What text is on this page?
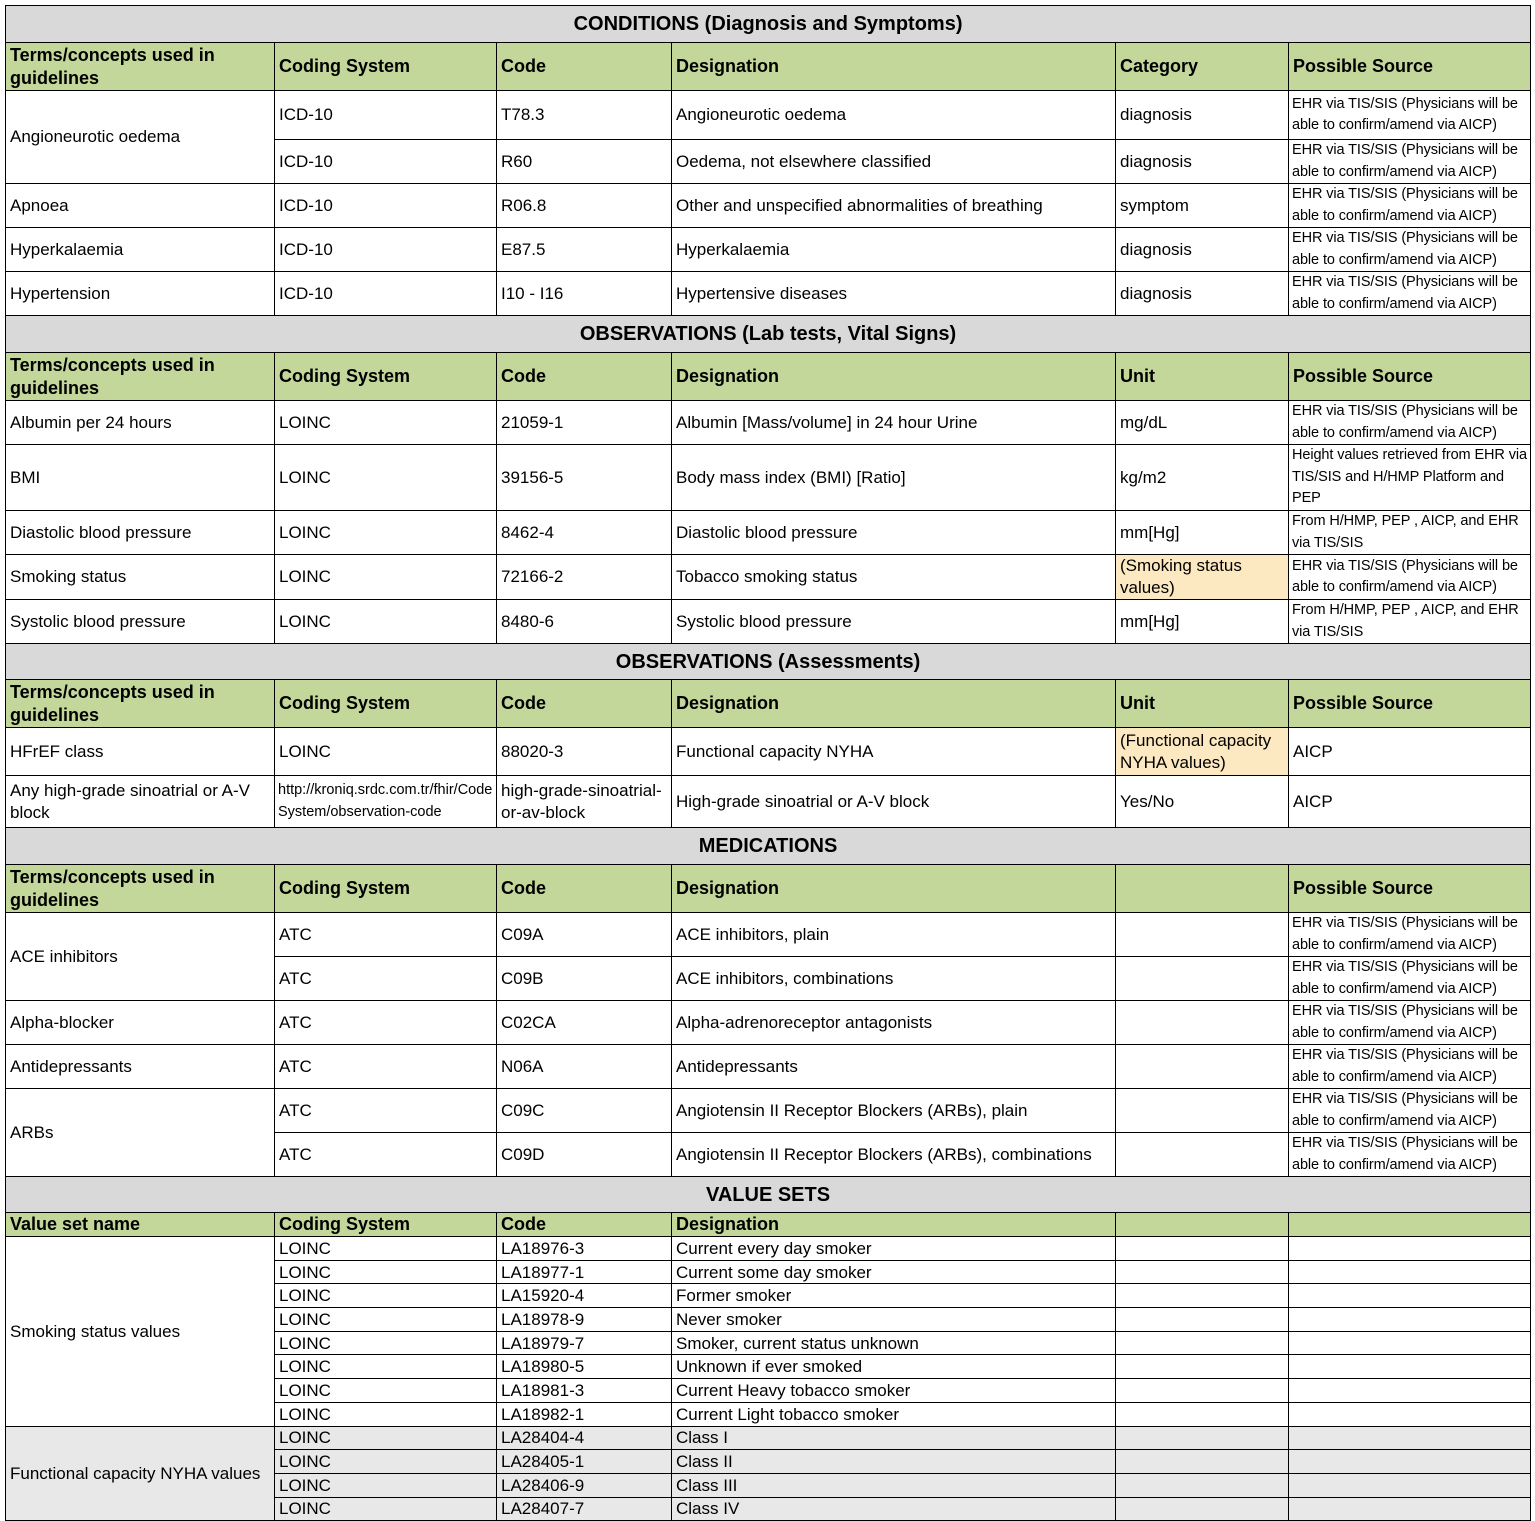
CONDITIONS (Diagnosis and Symptoms)					
Terms/concepts used in guidelines	Coding System	Code	Designation	Category	Possible Source
Angioneurotic oedema	ICD-10	T78.3	Angioneurotic oedema	diagnosis	EHR via TIS/SIS (Physicians will be able to confirm/amend via AICP)
	ICD-10	R60	Oedema, not elsewhere classified	diagnosis	EHR via TIS/SIS (Physicians will be able to confirm/amend via AICP)
Apnoea	ICD-10	R06.8	Other and unspecified abnormalities of breathing	symptom	EHR via TIS/SIS (Physicians will be able to confirm/amend via AICP)
Hyperkalaemia	ICD-10	E87.5	Hyperkalaemia	diagnosis	EHR via TIS/SIS (Physicians will be able to confirm/amend via AICP)
Hypertension	ICD-10	I10 - I16	Hypertensive diseases	diagnosis	EHR via TIS/SIS (Physicians will be able to confirm/amend via AICP)
OBSERVATIONS (Lab tests, Vital Signs)					
Terms/concepts used in guidelines	Coding System	Code	Designation	Unit	Possible Source
Albumin per 24 hours	LOINC	21059-1	Albumin [Mass/volume] in 24 hour Urine	mg/dL	EHR via TIS/SIS (Physicians will be able to confirm/amend via AICP)
BMI	LOINC	39156-5	Body mass index (BMI) [Ratio]	kg/m2	Height values retrieved from EHR via TIS/SIS and H/HMP Platform and PEP
Diastolic blood pressure	LOINC	8462-4	Diastolic blood pressure	mm[Hg]	From H/HMP, PEP , AICP, and EHR via TIS/SIS
Smoking status	LOINC	72166-2	Tobacco smoking status	(Smoking status values)	EHR via TIS/SIS (Physicians will be able to confirm/amend via AICP)
Systolic blood pressure	LOINC	8480-6	Systolic blood pressure	mm[Hg]	From H/HMP, PEP , AICP, and EHR via TIS/SIS
OBSERVATIONS (Assessments)					
Terms/concepts used in guidelines	Coding System	Code	Designation	Unit	Possible Source
HFrEF class	LOINC	88020-3	Functional capacity NYHA	(Functional capacity NYHA values)	AICP
Any high-grade sinoatrial or A-V block	http://kroniq.srdc.com.tr/fhir/CodeSystem/observation-code	high-grade-sinoatrial-or-av-block	High-grade sinoatrial or A-V block	Yes/No	AICP
MEDICATIONS					
Terms/concepts used in guidelines	Coding System	Code	Designation		Possible Source
ACE inhibitors	ATC	C09A	ACE inhibitors, plain		EHR via TIS/SIS (Physicians will be able to confirm/amend via AICP)
	ATC	C09B	ACE inhibitors, combinations		EHR via TIS/SIS (Physicians will be able to confirm/amend via AICP)
Alpha-blocker	ATC	C02CA	Alpha-adrenoreceptor antagonists		EHR via TIS/SIS (Physicians will be able to confirm/amend via AICP)
Antidepressants	ATC	N06A	Antidepressants		EHR via TIS/SIS (Physicians will be able to confirm/amend via AICP)
ARBs	ATC	C09C	Angiotensin II Receptor Blockers (ARBs), plain		EHR via TIS/SIS (Physicians will be able to confirm/amend via AICP)
	ATC	C09D	Angiotensin II Receptor Blockers (ARBs), combinations		EHR via TIS/SIS (Physicians will be able to confirm/amend via AICP)
VALUE SETS					
Value set name	Coding System	Code	Designation		
Smoking status values	LOINC	LA18976-3	Current every day smoker		
	LOINC	LA18977-1	Current some day smoker		
	LOINC	LA15920-4	Former smoker		
	LOINC	LA18978-9	Never smoker		
	LOINC	LA18979-7	Smoker, current status unknown		
	LOINC	LA18980-5	Unknown if ever smoked		
	LOINC	LA18981-3	Current Heavy tobacco smoker		
	LOINC	LA18982-1	Current Light tobacco smoker		
Functional capacity NYHA values	LOINC	LA28404-4	Class I		
	LOINC	LA28405-1	Class II		
	LOINC	LA28406-9	Class III		
	LOINC	LA28407-7	Class IV		
